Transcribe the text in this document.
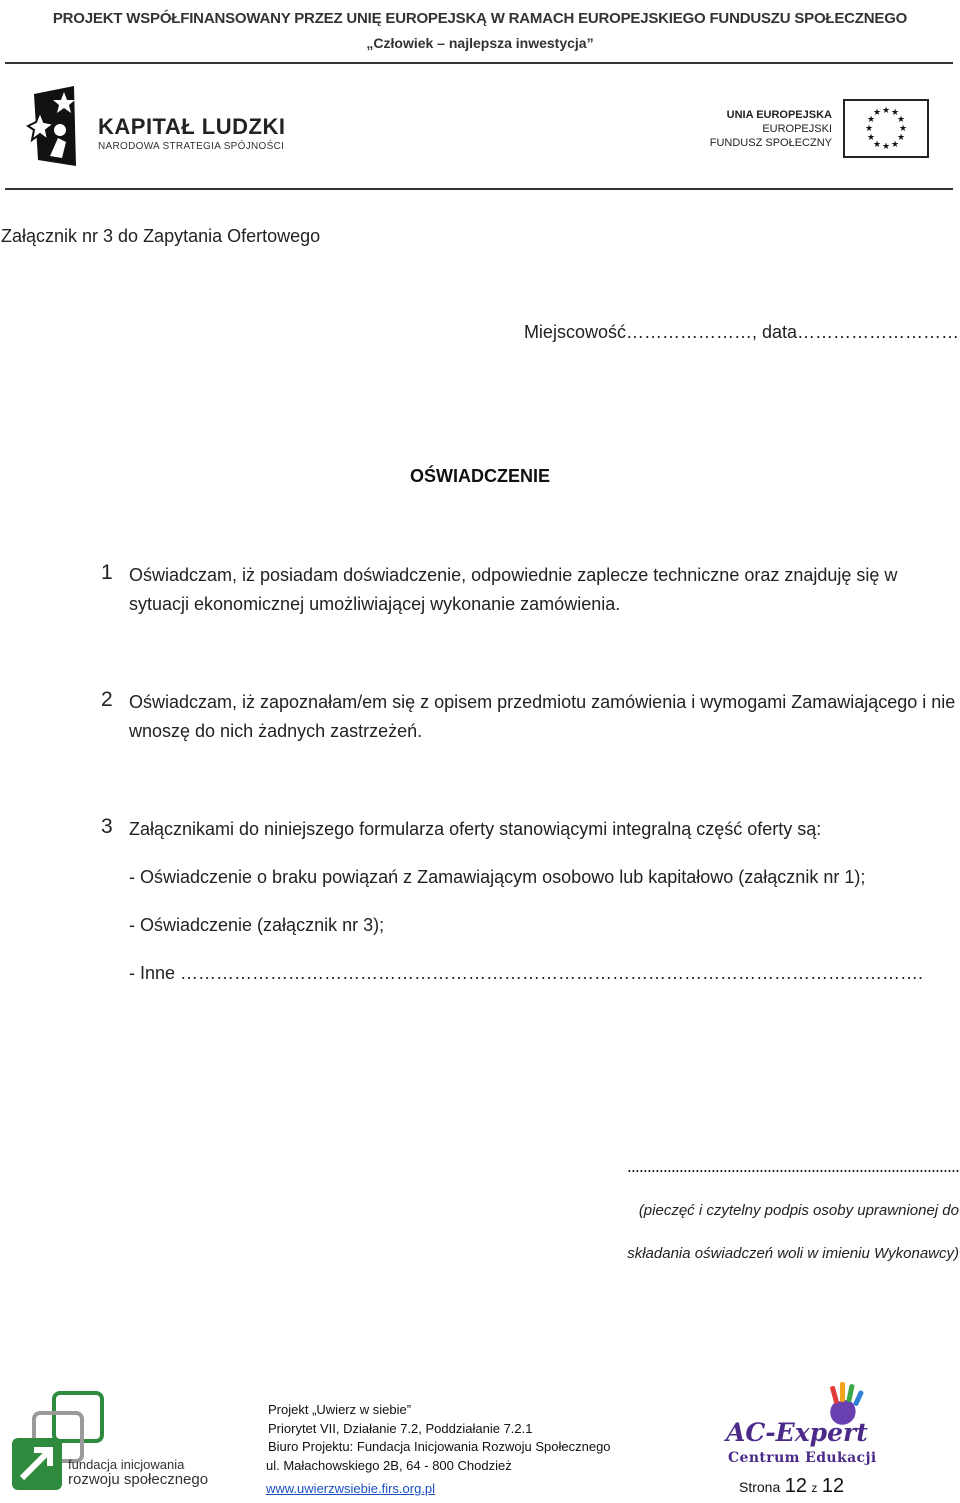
PROJEKT WSPÓŁFINANSOWANY PRZEZ UNIĘ EUROPEJSKĄ W RAMACH EUROPEJSKIEGO FUNDUSZU SPOŁECZNEGO
„Człowiek – najlepsza inwestycja”
KAPITAŁ LUDZKI
NARODOWA STRATEGIA SPÓJNOŚCI
UNIA EUROPEJSKA
EUROPEJSKI
FUNDUSZ SPOŁECZNY
★ ★
★
★
★
★
★
★
★
★
★
★
Załącznik nr 3 do Zapytania Ofertowego
Miejscowość…………………, data………………………
OŚWIADCZENIE
1 Oświadczam, iż posiadam doświadczenie, odpowiednie zaplecze techniczne oraz znajduję się w sytuacji ekonomicznej umożliwiającej wykonanie zamówienia.
2 Oświadczam, iż zapoznałam/em się z opisem przedmiotu zamówienia i wymogami Zamawiającego i nie wnoszę do nich żadnych zastrzeżeń.
3 Załącznikami do niniejszego formularza oferty stanowiącymi integralną część oferty są:
- Oświadczenie o braku powiązań z Zamawiającym osobowo lub kapitałowo (załącznik nr 1);
- Oświadczenie (załącznik nr 3);
- Inne …………………………………………………………………………………………………………….
...................................................................................
(pieczęć i czytelny podpis osoby uprawnionej do
składania oświadczeń woli w imieniu Wykonawcy)
fundacja inicjowania
rozwoju społecznego
Projekt „Uwierz w siebie”
Priorytet VII, Działanie 7.2, Poddziałanie 7.2.1
Biuro Projektu: Fundacja Inicjowania Rozwoju Społecznego
ul. Małachowskiego 2B, 64 - 800 Chodzież
www.uwierzwsiebie.firs.org.pl
AC-Expert
Centrum Edukacji
Strona 12 z 12
